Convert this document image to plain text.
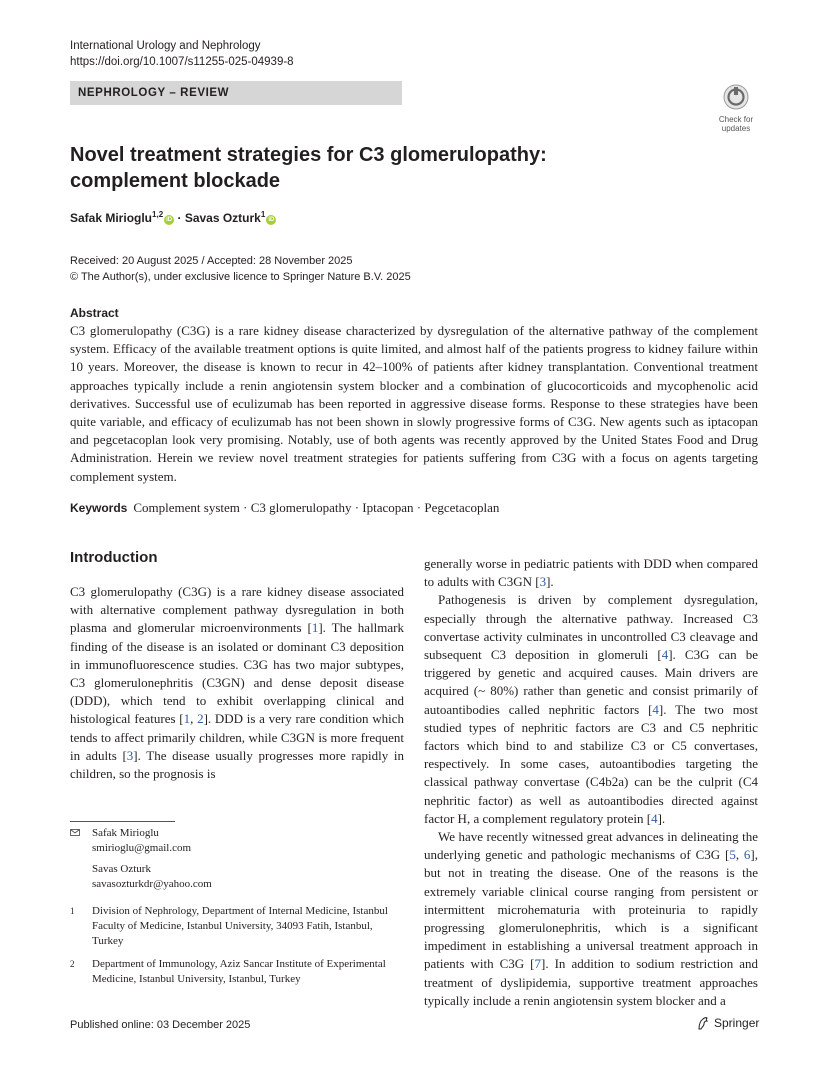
International Urology and Nephrology
https://doi.org/10.1007/s11255-025-04939-8
NEPHROLOGY – REVIEW
Check for
updates
Novel treatment strategies for C3 glomerulopathy: complement blockade
Safak Mirioglu$^{1,2}$iD · Savas Ozturk$^1$iD
Received: 20 August 2025 / Accepted: 28 November 2025
© The Author(s), under exclusive licence to Springer Nature B.V. 2025
Abstract
C3 glomerulopathy (C3G) is a rare kidney disease characterized by dysregulation of the alternative pathway of the complement system. Efficacy of the available treatment options is quite limited, and almost half of the patients progress to kidney failure within 10 years. Moreover, the disease is known to recur in 42–100% of patients after kidney transplantation. Conventional treatment approaches typically include a renin angiotensin system blocker and a combination of glucocorticoids and mycophenolic acid derivatives. Successful use of eculizumab has been reported in aggressive disease forms. Response to these strategies have been quite variable, and efficacy of eculizumab has not been shown in slowly progressive forms of C3G. New agents such as iptacopan and pegcetacoplan look very promising. Notably, use of both agents was recently approved by the United States Food and Drug Administration. Herein we review novel treatment strategies for patients suffering from C3G with a focus on agents targeting complement system.
Keywords Complement system · C3 glomerulopathy · Iptacopan · Pegcetacoplan
Introduction

C3 glomerulopathy (C3G) is a rare kidney disease associated with alternative complement pathway dysregulation in both plasma and glomerular microenvironments [1]. The hallmark finding of the disease is an isolated or dominant C3 deposition in immunofluorescence studies. C3G has two major subtypes, C3 glomerulonephritis (C3GN) and dense deposit disease (DDD), which tend to exhibit overlapping clinical and histological features [1, 2]. DDD is a very rare condition which tends to affect primarily children, while C3GN is more frequent in adults [3]. The disease usually progresses more rapidly in children, so the prognosis is

generally worse in pediatric patients with DDD when compared to adults with C3GN [3].

Pathogenesis is driven by complement dysregulation, especially through the alternative pathway. Increased C3 convertase activity culminates in uncontrolled C3 cleavage and subsequent C3 deposition in glomeruli [4]. C3G can be triggered by genetic and acquired causes. Main drivers are acquired (~ 80%) rather than genetic and consist primarily of autoantibodies called nephritic factors [4]. The two most studied types of nephritic factors are C3 and C5 nephritic factors which bind to and stabilize C3 or C5 convertases, respectively. In some cases, autoantibodies targeting the classical pathway convertase (C4b2a) can be the culprit (C4 nephritic factor) as well as autoantibodies directed against factor H, a complement regulatory protein [4].

We have recently witnessed great advances in delineating the underlying genetic and pathologic mechanisms of C3G [5, 6], but not in treating the disease. One of the reasons is the extremely variable clinical course ranging from persistent or intermittent microhematuria with proteinuria to rapidly progressing glomerulonephritis, which is a significant impediment in establishing a universal treatment approach in patients with C3G [7]. In addition to sodium restriction and treatment of dyslipidemia, supportive treatment approaches typically include a renin angiotensin system blocker and a

Safak Mirioglu
smirioglu@gmail.com
Savas Ozturk
savasozturkdr@yahoo.com
1 Division of Nephrology, Department of Internal Medicine, Istanbul Faculty of Medicine, Istanbul University, 34093 Fatih, Istanbul, Turkey
2 Department of Immunology, Aziz Sancar Institute of Experimental Medicine, Istanbul University, Istanbul, Turkey
Published online: 03 December 2025	Springer
